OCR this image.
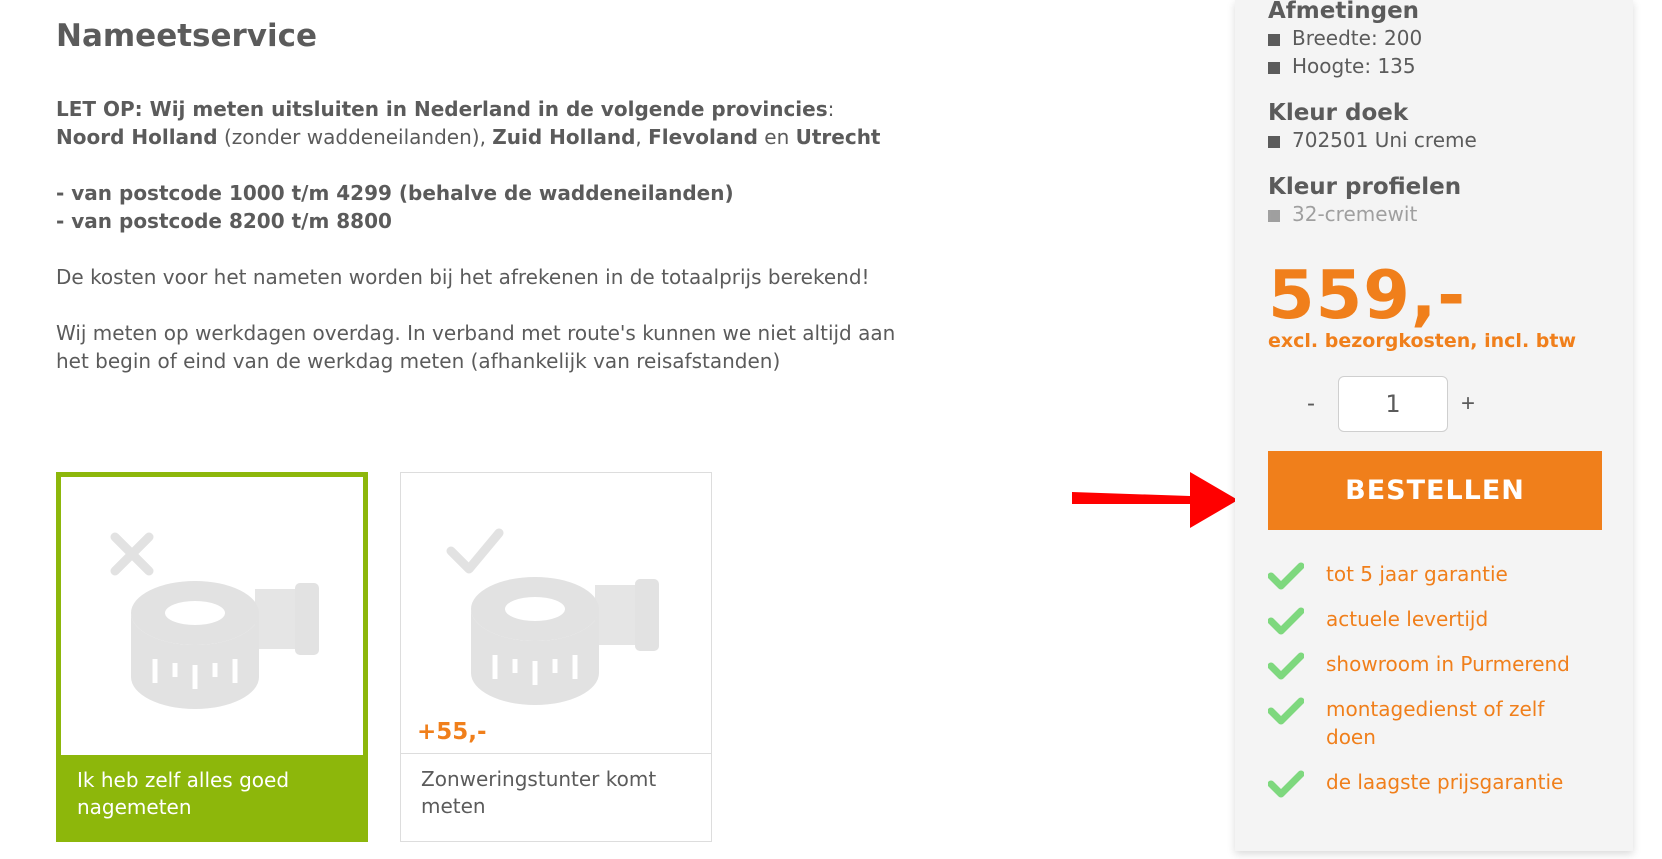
Nameetservice

LET OP: Wij meten uitsluiten in Nederland in de volgende provincies:
Noord Holland (zonder waddeneilanden), Zuid Holland, Flevoland en Utrecht

- van postcode 1000 t/m 4299 (behalve de waddeneilanden)

- van postcode 8200 t/m 8800

De kosten voor het nameten worden bij het afrekenen in de totaalprijs berekend!

Wij meten op werkdagen overdag. In verband met route's kunnen we niet altijd aan het begin of eind van de werkdag meten (afhankelijk van reisafstanden)

Ik heb zelf alles goed nagemeten
+55,-
Zonweringstunter komt meten
Afmetingen
Breedte: 200
Hoogte: 135
Kleur doek
702501 Uni creme
Kleur profielen
32-cremewit
559,-
excl. bezorgkosten, incl. btw
-
1	+
BESTELLEN
tot 5 jaar garantie
actuele levertijd
showroom in Purmerend
montagedienst of zelf doen
de laagste prijsgarantie
